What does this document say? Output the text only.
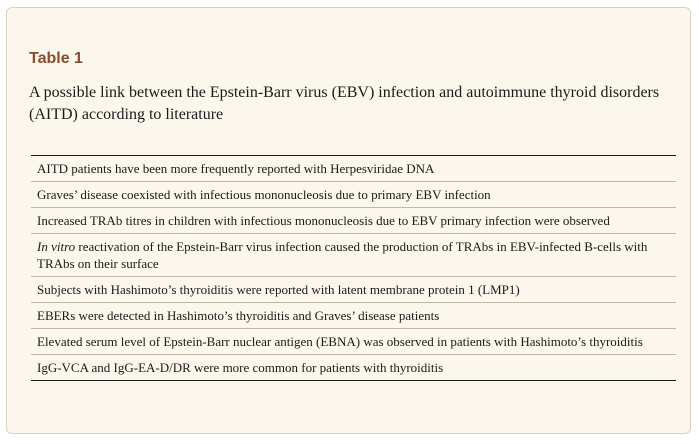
Table 1

A possible link between the Epstein-Barr virus (EBV) infection and autoimmune thyroid disorders (AITD) according to literature

AITD patients have been more frequently reported with Herpesviridae DNA
Graves’ disease coexisted with infectious mononucleosis due to primary EBV infection
Increased TRAb titres in children with infectious mononucleosis due to EBV primary infection were observed
In vitro reactivation of the Epstein-Barr virus infection caused the production of TRAbs in EBV-infected B-cells with TRAbs on their surface
Subjects with Hashimoto’s thyroiditis were reported with latent membrane protein 1 (LMP1)
EBERs were detected in Hashimoto’s thyroiditis and Graves’ disease patients
Elevated serum level of Epstein-Barr nuclear antigen (EBNA) was observed in patients with Hashimoto’s thyroiditis
IgG-VCA and IgG-EA-D/DR were more common for patients with thyroiditis
